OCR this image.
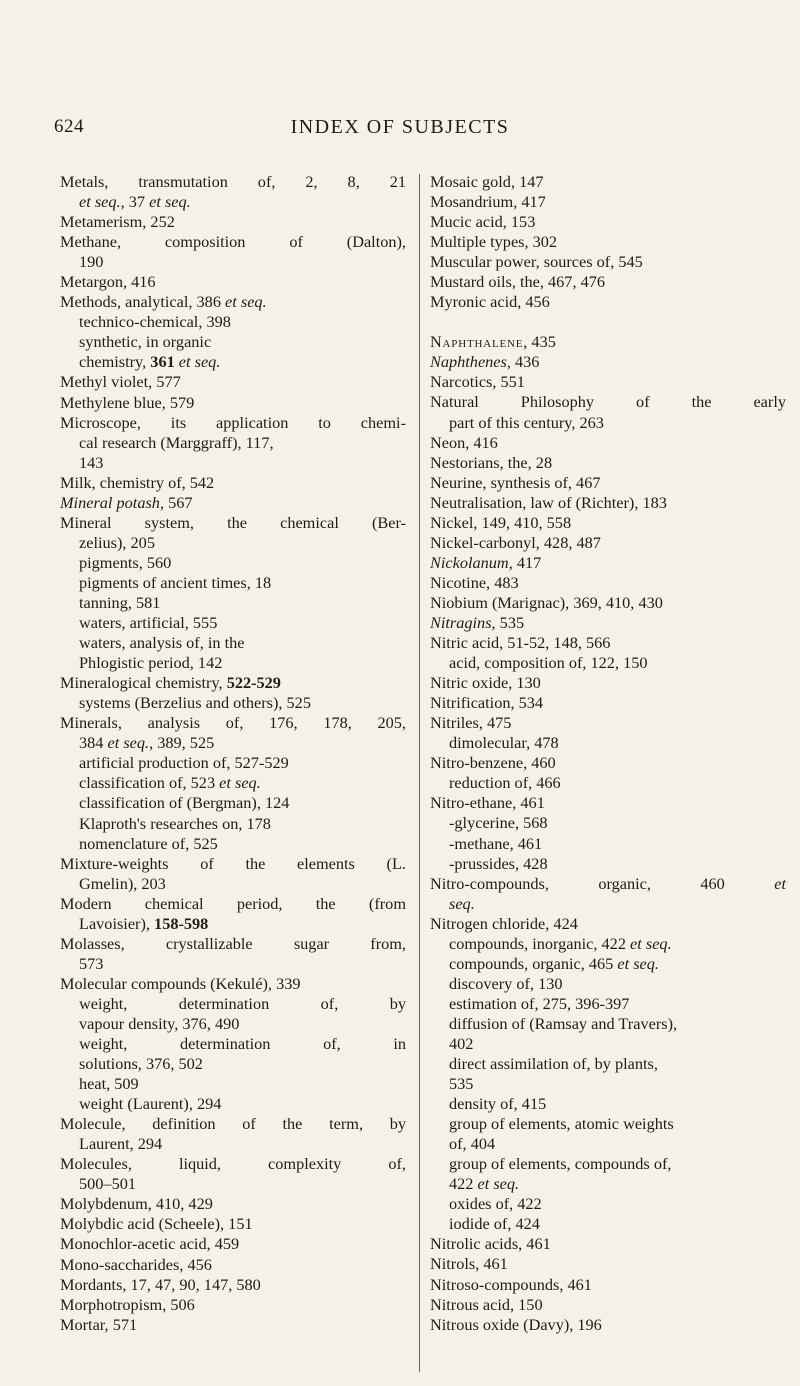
624	INDEX OF SUBJECTS
Metals, transmutation of, 2, 8, 21
et seq., 37 et seq.
Metamerism, 252
Methane, composition of (Dalton),
190
Metargon, 416
Methods, analytical, 386 et seq.
technico-chemical, 398
synthetic, in organic
chemistry, 361 et seq.
Methyl violet, 577
Methylene blue, 579
Microscope, its application to chemi-
cal research (Marggraff), 117,
143
Milk, chemistry of, 542
Mineral potash, 567
Mineral system, the chemical (Ber-
zelius), 205
pigments, 560
pigments of ancient times, 18
tanning, 581
waters, artificial, 555
waters, analysis of, in the
Phlogistic period, 142
Mineralogical chemistry, 522-529
systems (Berzelius and others), 525
Minerals, analysis of, 176, 178, 205,
384 et seq., 389, 525
artificial production of, 527-529
classification of, 523 et seq.
classification of (Bergman), 124
Klaproth's researches on, 178
nomenclature of, 525
Mixture-weights of the elements (L.
Gmelin), 203
Modern chemical period, the (from
Lavoisier), 158-598
Molasses, crystallizable sugar from,
573
Molecular compounds (Kekulé), 339
weight, determination of, by
vapour density, 376, 490
weight, determination of, in
solutions, 376, 502
heat, 509
weight (Laurent), 294
Molecule, definition of the term, by
Laurent, 294
Molecules, liquid, complexity of,
500–501
Molybdenum, 410, 429
Molybdic acid (Scheele), 151
Monochlor-acetic acid, 459
Mono-saccharides, 456
Mordants, 17, 47, 90, 147, 580
Morphotropism, 506
Mortar, 571
Mosaic gold, 147
Mosandrium, 417
Mucic acid, 153
Multiple types, 302
Muscular power, sources of, 545
Mustard oils, the, 467, 476
Myronic acid, 456
Naphthalene, 435
Naphthenes, 436
Narcotics, 551
Natural Philosophy of the early
part of this century, 263
Neon, 416
Nestorians, the, 28
Neurine, synthesis of, 467
Neutralisation, law of (Richter), 183
Nickel, 149, 410, 558
Nickel-carbonyl, 428, 487
Nickolanum, 417
Nicotine, 483
Niobium (Marignac), 369, 410, 430
Nitragins, 535
Nitric acid, 51-52, 148, 566
acid, composition of, 122, 150
Nitric oxide, 130
Nitrification, 534
Nitriles, 475
dimolecular, 478
Nitro-benzene, 460
reduction of, 466
Nitro-ethane, 461
-glycerine, 568
-methane, 461
-prussides, 428
Nitro-compounds, organic, 460 et
seq.
Nitrogen chloride, 424
compounds, inorganic, 422 et seq.
compounds, organic, 465 et seq.
discovery of, 130
estimation of, 275, 396-397
diffusion of (Ramsay and Travers),
402
direct assimilation of, by plants,
535
density of, 415
group of elements, atomic weights
of, 404
group of elements, compounds of,
422 et seq.
oxides of, 422
iodide of, 424
Nitrolic acids, 461
Nitrols, 461
Nitroso-compounds, 461
Nitrous acid, 150
Nitrous oxide (Davy), 196
